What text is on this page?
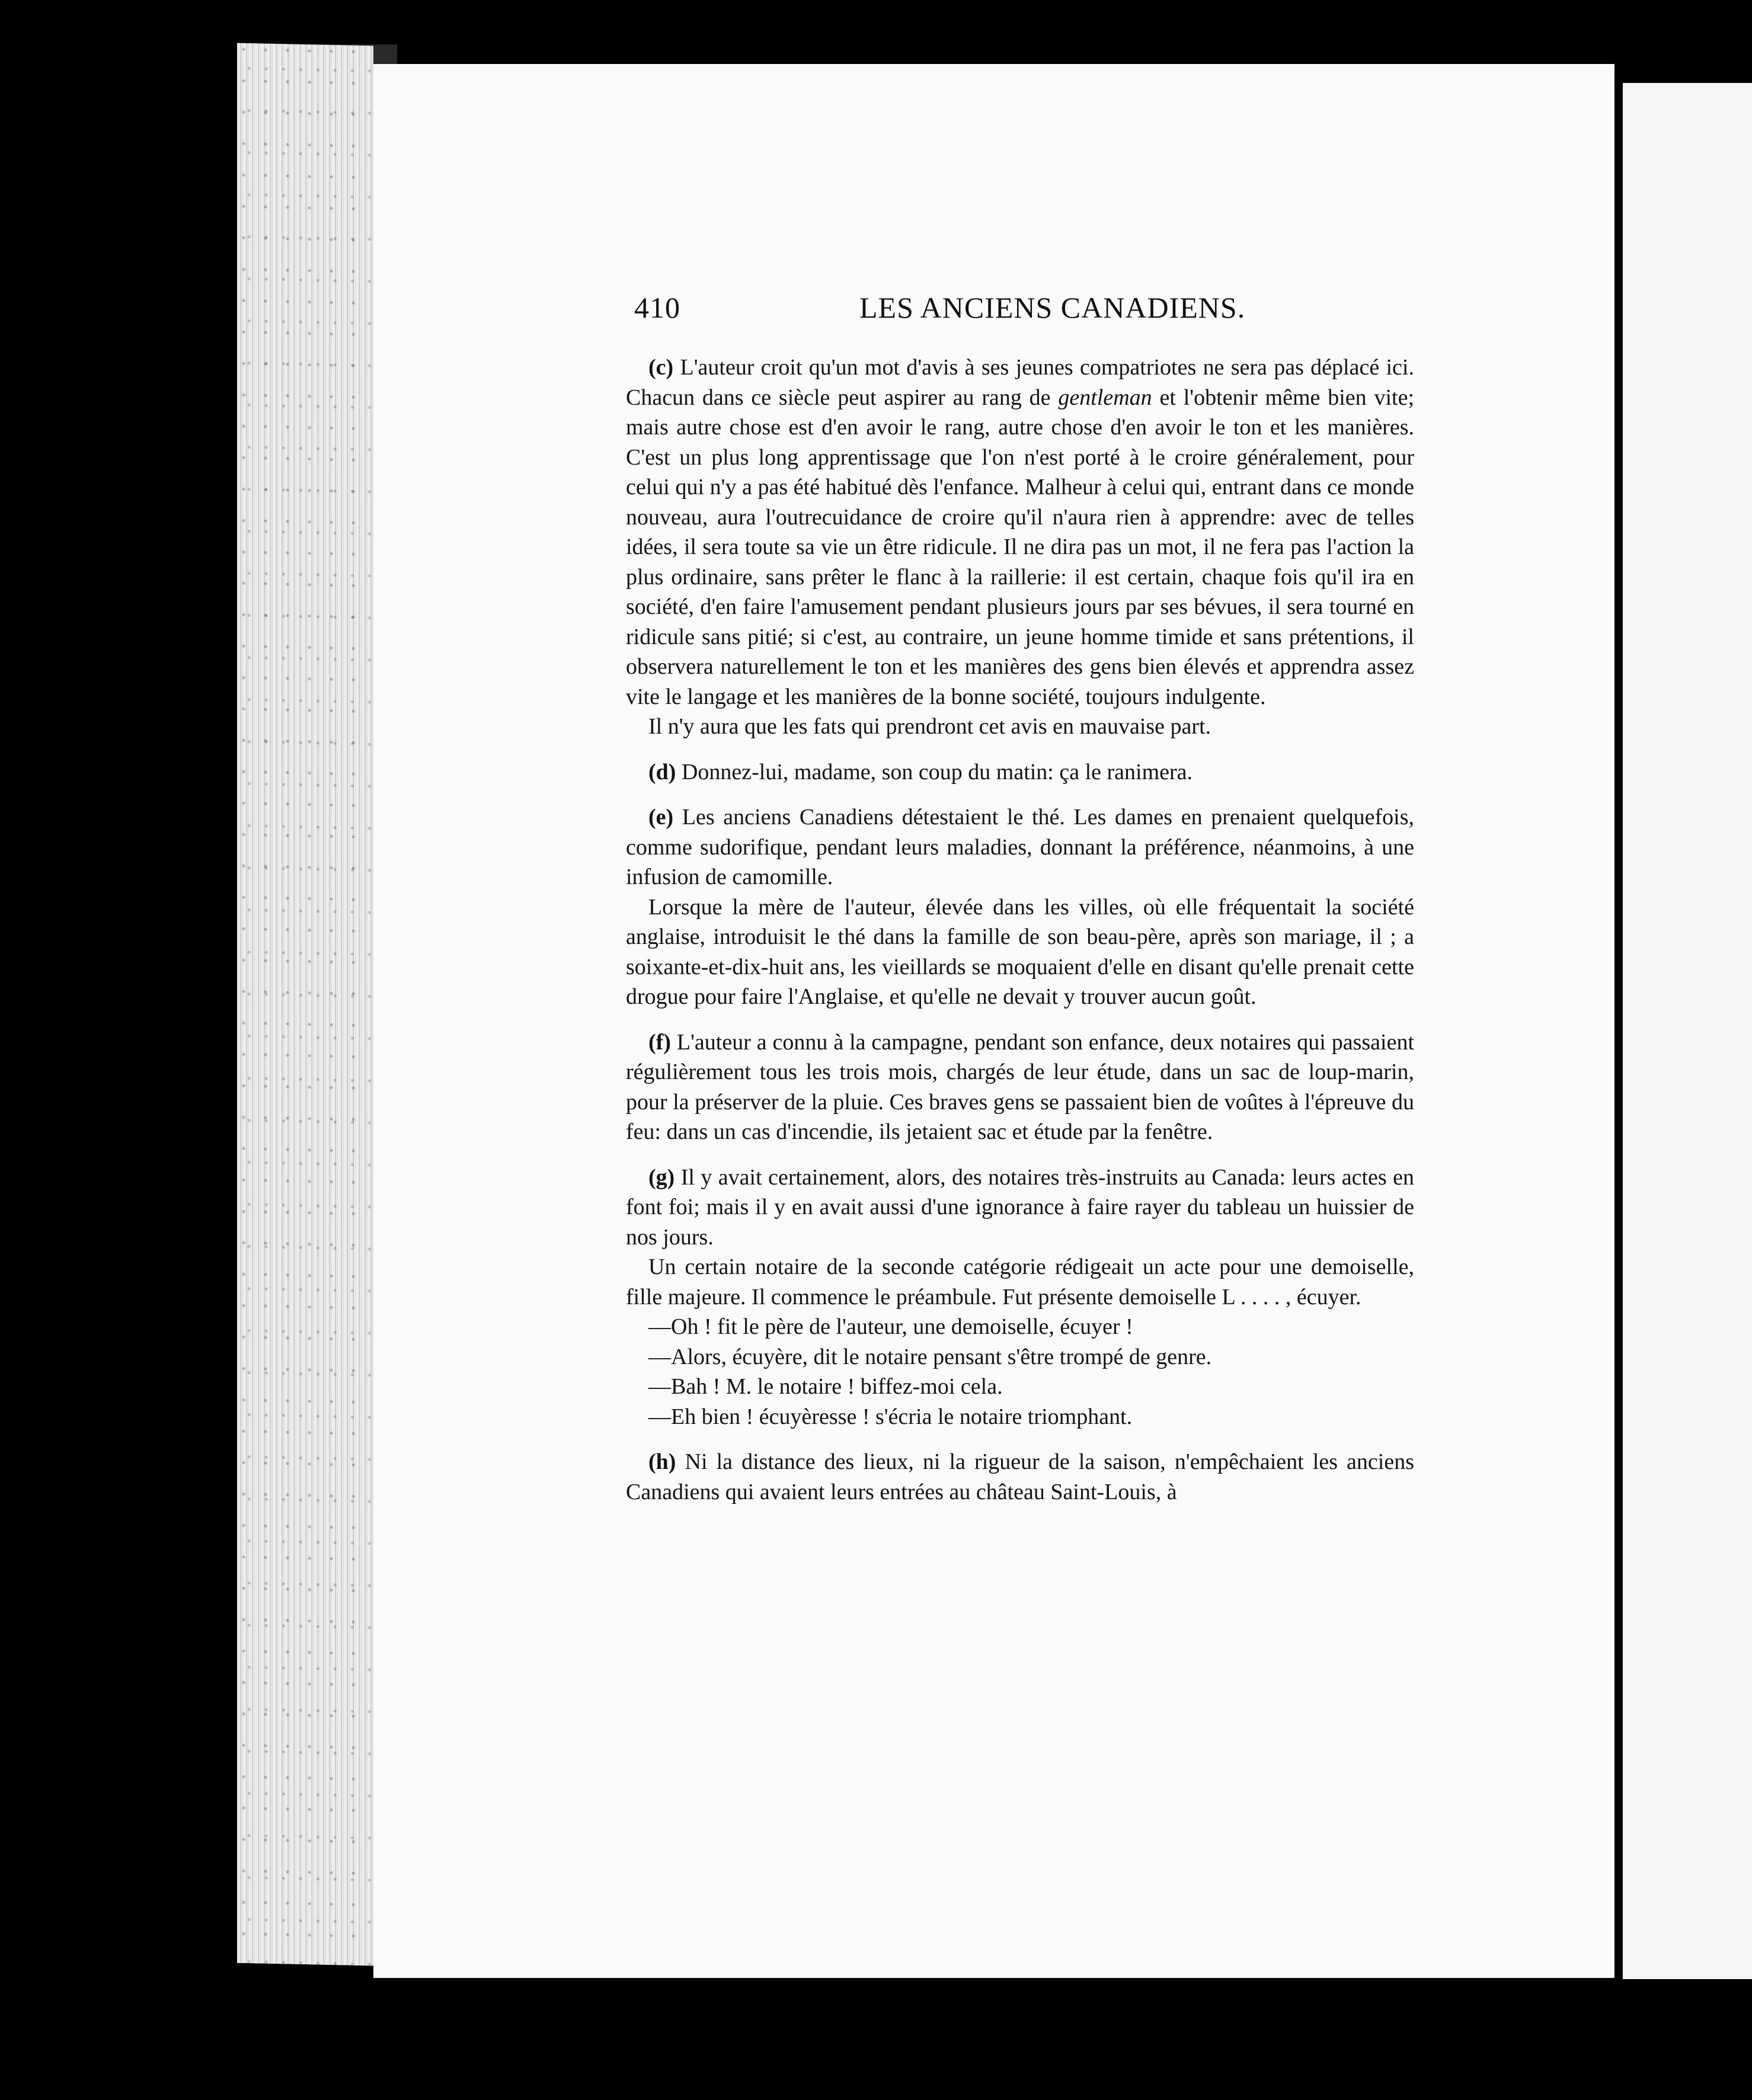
410	LES ANCIENS CANADIENS.

(c) L'auteur croit qu'un mot d'avis à ses jeunes compatriotes ne sera pas déplacé ici. Chacun dans ce siècle peut aspirer au rang de gentleman et l'obtenir même bien vite; mais autre chose est d'en avoir le rang, autre chose d'en avoir le ton et les manières. C'est un plus long apprentissage que l'on n'est porté à le croire généralement, pour celui qui n'y a pas été habitué dès l'enfance. Malheur à celui qui, entrant dans ce monde nouveau, aura l'outrecuidance de croire qu'il n'aura rien à apprendre: avec de telles idées, il sera toute sa vie un être ridicule. Il ne dira pas un mot, il ne fera pas l'action la plus ordinaire, sans prêter le flanc à la raillerie: il est certain, chaque fois qu'il ira en société, d'en faire l'amusement pendant plusieurs jours par ses bévues, il sera tourné en ridicule sans pitié; si c'est, au contraire, un jeune homme timide et sans prétentions, il observera naturellement le ton et les manières des gens bien élevés et apprendra assez vite le langage et les manières de la bonne société, toujours indulgente.

Il n'y aura que les fats qui prendront cet avis en mauvaise part.

(d) Donnez-lui, madame, son coup du matin: ça le ranimera.

(e) Les anciens Canadiens détestaient le thé. Les dames en prenaient quelquefois, comme sudorifique, pendant leurs maladies, donnant la préférence, néanmoins, à une infusion de camomille.

Lorsque la mère de l'auteur, élevée dans les villes, où elle fréquentait la société anglaise, introduisit le thé dans la famille de son beau-père, après son mariage, il ; a soixante-et-dix-huit ans, les vieillards se moquaient d'elle en disant qu'elle prenait cette drogue pour faire l'Anglaise, et qu'elle ne devait y trouver aucun goût.

(f) L'auteur a connu à la campagne, pendant son enfance, deux notaires qui passaient régulièrement tous les trois mois, chargés de leur étude, dans un sac de loup-marin, pour la préserver de la pluie. Ces braves gens se passaient bien de voûtes à l'épreuve du feu: dans un cas d'incendie, ils jetaient sac et étude par la fenêtre.

(g) Il y avait certainement, alors, des notaires très-instruits au Canada: leurs actes en font foi; mais il y en avait aussi d'une ignorance à faire rayer du tableau un huissier de nos jours.

Un certain notaire de la seconde catégorie rédigeait un acte pour une demoiselle, fille majeure. Il commence le préambule. Fut présente demoiselle L . . . . , écuyer.

—Oh ! fit le père de l'auteur, une demoiselle, écuyer !

—Alors, écuyère, dit le notaire pensant s'être trompé de genre.

—Bah ! M. le notaire ! biffez-moi cela.

—Eh bien ! écuyèresse ! s'écria le notaire triomphant.

(h) Ni la distance des lieux, ni la rigueur de la saison, n'empêchaient les anciens Canadiens qui avaient leurs entrées au château Saint-Louis, à
